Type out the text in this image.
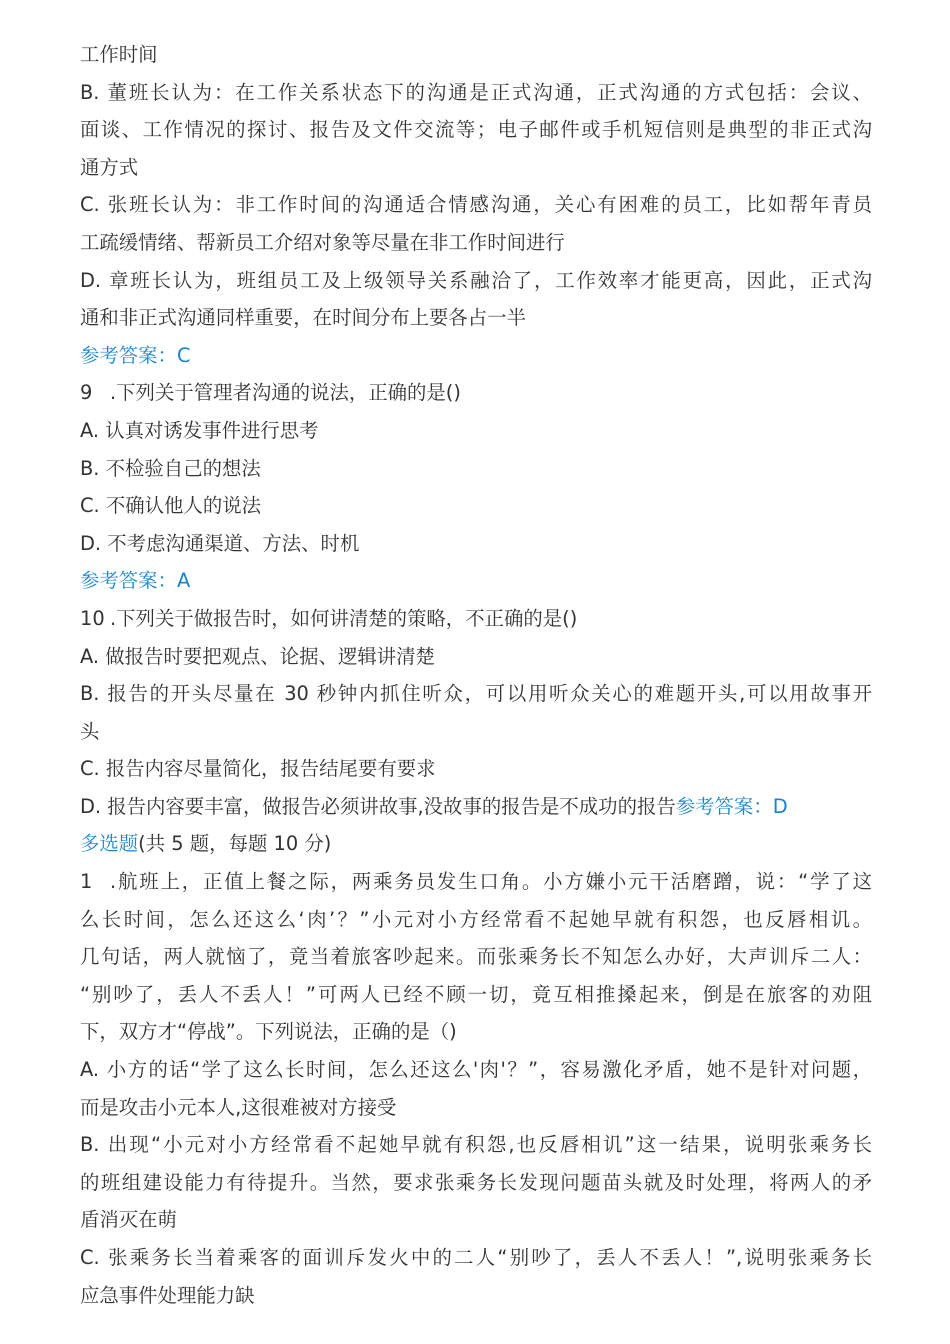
工作时间
B. 董班长认为：在工作关系状态下的沟通是正式沟通，正式沟通的方式包括：会议、
面谈、工作情况的探讨、报告及文件交流等；电子邮件或手机短信则是典型的非正式沟
通方式
C. 张班长认为：非工作时间的沟通适合情感沟通，关心有困难的员工，比如帮年青员
工疏缓情绪、帮新员工介绍对象等尽量在非工作时间进行
D. 章班长认为，班组员工及上级领导关系融洽了，工作效率才能更高，因此，正式沟
通和非正式沟通同样重要，在时间分布上要各占一半
参考答案：C
9 .下列关于管理者沟通的说法，正确的是()
A. 认真对诱发事件进行思考
B. 不检验自己的想法
C. 不确认他人的说法
D. 不考虑沟通渠道、方法、时机
参考答案：A
10 .下列关于做报告时，如何讲清楚的策略，不正确的是()
A. 做报告时要把观点、论据、逻辑讲清楚
B. 报告的开头尽量在 30 秒钟内抓住听众，可以用听众关心的难题开头,可以用故事开
头
C. 报告内容尽量简化，报告结尾要有要求
D. 报告内容要丰富，做报告必须讲故事,没故事的报告是不成功的报告参考答案：D
多选题(共 5 题，每题 10 分)
1 .航班上，正值上餐之际，两乘务员发生口角。小方嫌小元干活磨蹭，说：“学了这
么长时间，怎么还这么‘肉’？”小元对小方经常看不起她早就有积怨，也反唇相讥。
几句话，两人就恼了，竟当着旅客吵起来。而张乘务长不知怎么办好，大声训斥二人：
“别吵了，丢人不丢人！”可两人已经不顾一切，竟互相推搡起来，倒是在旅客的劝阻
下，双方才“停战”。下列说法，正确的是（)
A. 小方的话“学了这么长时间，怎么还这么'肉'？”，容易激化矛盾，她不是针对问题，
而是攻击小元本人,这很难被对方接受
B. 出现“小元对小方经常看不起她早就有积怨,也反唇相讥”这一结果，说明张乘务长
的班组建设能力有待提升。当然，要求张乘务长发现问题苗头就及时处理，将两人的矛
盾消灭在萌
C. 张乘务长当着乘客的面训斥发火中的二人“别吵了，丢人不丢人！”,说明张乘务长
应急事件处理能力缺
